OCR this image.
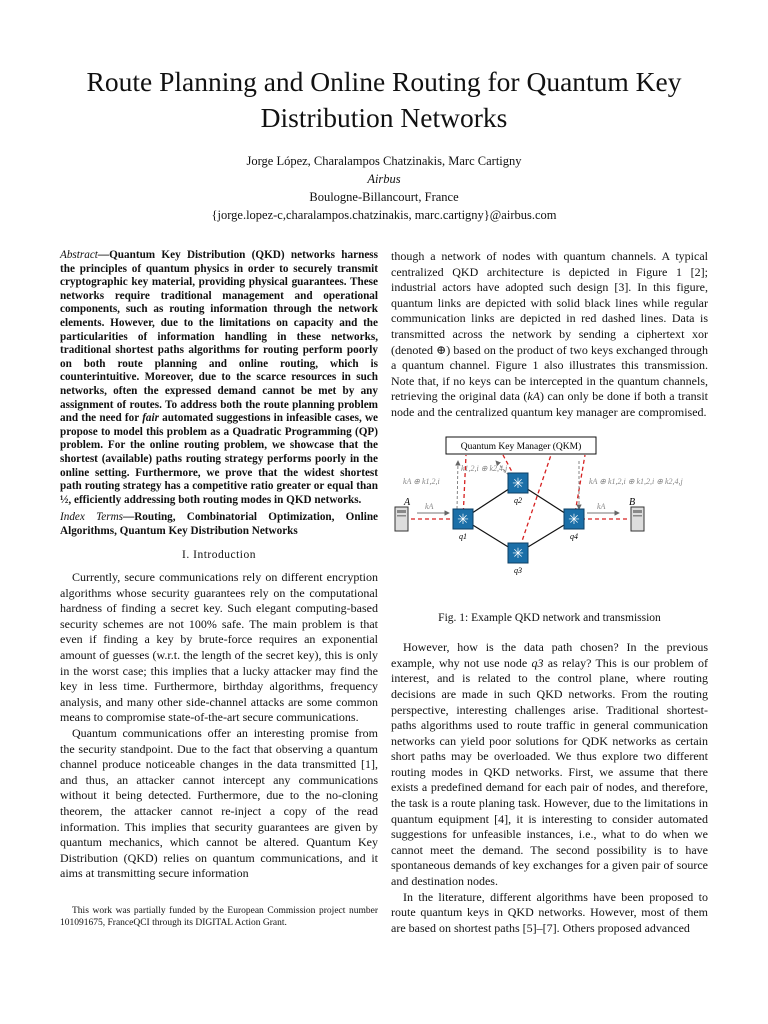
Route Planning and Online Routing for Quantum Key Distribution Networks
Jorge López, Charalampos Chatzinakis, Marc Cartigny
Airbus
Boulogne-Billancourt, France
{jorge.lopez-c,charalampos.chatzinakis, marc.cartigny}@airbus.com

Abstract—Quantum Key Distribution (QKD) networks harness the principles of quantum physics in order to securely transmit cryptographic key material, providing physical guarantees. These networks require traditional management and operational components, such as routing information through the network elements. However, due to the limitations on capacity and the particularities of information handling in these networks, traditional shortest paths algorithms for routing perform poorly on both route planning and online routing, which is counterintuitive. Moreover, due to the scarce resources in such networks, often the expressed demand cannot be met by any assignment of routes. To address both the route planning problem and the need for fair automated suggestions in infeasible cases, we propose to model this problem as a Quadratic Programming (QP) problem. For the online routing problem, we showcase that the shortest (available) paths routing strategy performs poorly in the online setting. Furthermore, we prove that the widest shortest path routing strategy has a competitive ratio greater or equal than ½, efficiently addressing both routing modes in QKD networks.

Index Terms—Routing, Combinatorial Optimization, Online Algorithms, Quantum Key Distribution Networks

I. Introduction

Currently, secure communications rely on different encryption algorithms whose security guarantees rely on the computational hardness of finding a secret key. Such elegant computing-based security schemes are not 100% safe. The main problem is that even if finding a key by brute-force requires an exponential amount of guesses (w.r.t. the length of the secret key), this is only in the worst case; this implies that a lucky attacker may find the key in less time. Furthermore, birthday algorithms, frequency analysis, and many other side-channel attacks are some common means to compromise state-of-the-art secure communications.

Quantum communications offer an interesting promise from the security standpoint. Due to the fact that observing a quantum channel produce noticeable changes in the data transmitted [1], and thus, an attacker cannot intercept any communications without it being detected. Furthermore, due to the no-cloning theorem, the attacker cannot re-inject a copy of the read information. This implies that security guarantees are given by quantum mechanics, which cannot be altered. Quantum Key Distribution (QKD) relies on quantum communications, and it aims at transmitting secure information

This work was partially funded by the European Commission project number 101091675, FranceQCI through its DIGITAL Action Grant.

though a network of nodes with quantum channels. A typical centralized QKD architecture is depicted in Figure 1 [2]; industrial actors have adopted such design [3]. In this figure, quantum links are depicted with solid black lines while regular communication links are depicted in red dashed lines. Data is transmitted across the network by sending a ciphertext xor (denoted ⊕) based on the product of two keys exchanged through a quantum channel. Figure 1 also illustrates this transmission. Note that, if no keys can be intercepted in the quantum channels, retrieving the original data (kA) can only be done if both a transit node and the centralized quantum key manager are compromised.

Quantum Key Manager (QKM)
kA ⊕ k1,2,i
k1,2,i ⊕ k2,4,j
kA ⊕ k1,2,i ⊕ k1,2,i ⊕ k2,4,j
kA	kA
A	B
✳
✳
✳
✳
q1
q2
q3
q4
Fig. 1: Example QKD network and transmission

However, how is the data path chosen? In the previous example, why not use node q3 as relay? This is our problem of interest, and is related to the control plane, where routing decisions are made in such QKD networks. From the routing perspective, interesting challenges arise. Traditional shortest-paths algorithms used to route traffic in general communication networks can yield poor solutions for QDK networks as certain short paths may be overloaded. We thus explore two different routing modes in QKD networks. First, we assume that there exists a predefined demand for each pair of nodes, and therefore, the task is a route planing task. However, due to the limitations in quantum equipment [4], it is interesting to consider automated suggestions for unfeasible instances, i.e., what to do when we cannot meet the demand. The second possibility is to have spontaneous demands of key exchanges for a given pair of source and destination nodes.

In the literature, different algorithms have been proposed to route quantum keys in QKD networks. However, most of them are based on shortest paths [5]–[7]. Others proposed advanced
